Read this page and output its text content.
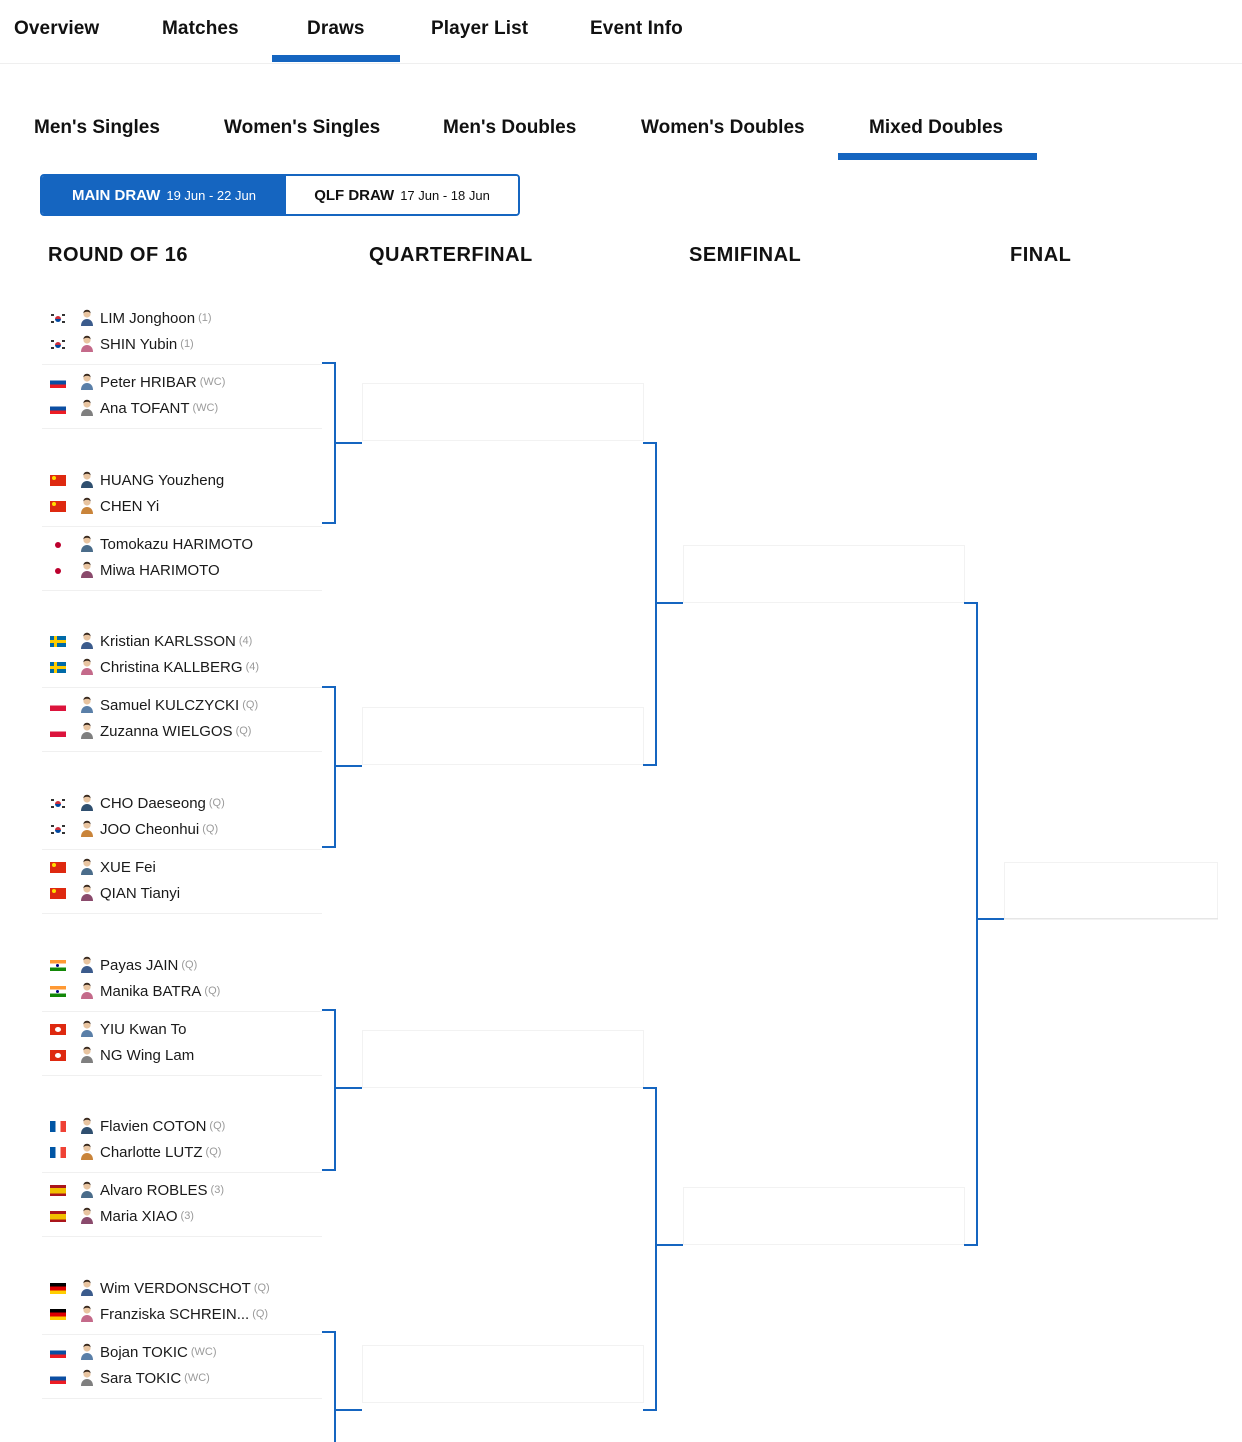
Overview	Matches	Draws	Player List	Event Info
Men's Singles	Women's Singles	Men's Doubles	Women's Doubles	Mixed Doubles
MAIN DRAW 19 Jun - 22 Jun	QLF DRAW 17 Jun - 18 Jun
ROUND OF 16	QUARTERFINAL	SEMIFINAL	FINAL
LIM Jonghoon (1)
SHIN Yubin (1)
Peter HRIBAR (WC)
Ana TOFANT (WC)
HUANG Youzheng
CHEN Yi
Tomokazu HARIMOTO
Miwa HARIMOTO
Kristian KARLSSON (4)
Christina KALLBERG (4)
Samuel KULCZYCKI (Q)
Zuzanna WIELGOS (Q)
CHO Daeseong (Q)
JOO Cheonhui (Q)
XUE Fei
QIAN Tianyi
Payas JAIN (Q)
Manika BATRA (Q)
YIU Kwan To
NG Wing Lam
Flavien COTON (Q)
Charlotte LUTZ (Q)
Alvaro ROBLES (3)
Maria XIAO (3)
Wim VERDONSCHOT (Q)
Franziska SCHREIN... (Q)
Bojan TOKIC (WC)
Sara TOKIC (WC)
